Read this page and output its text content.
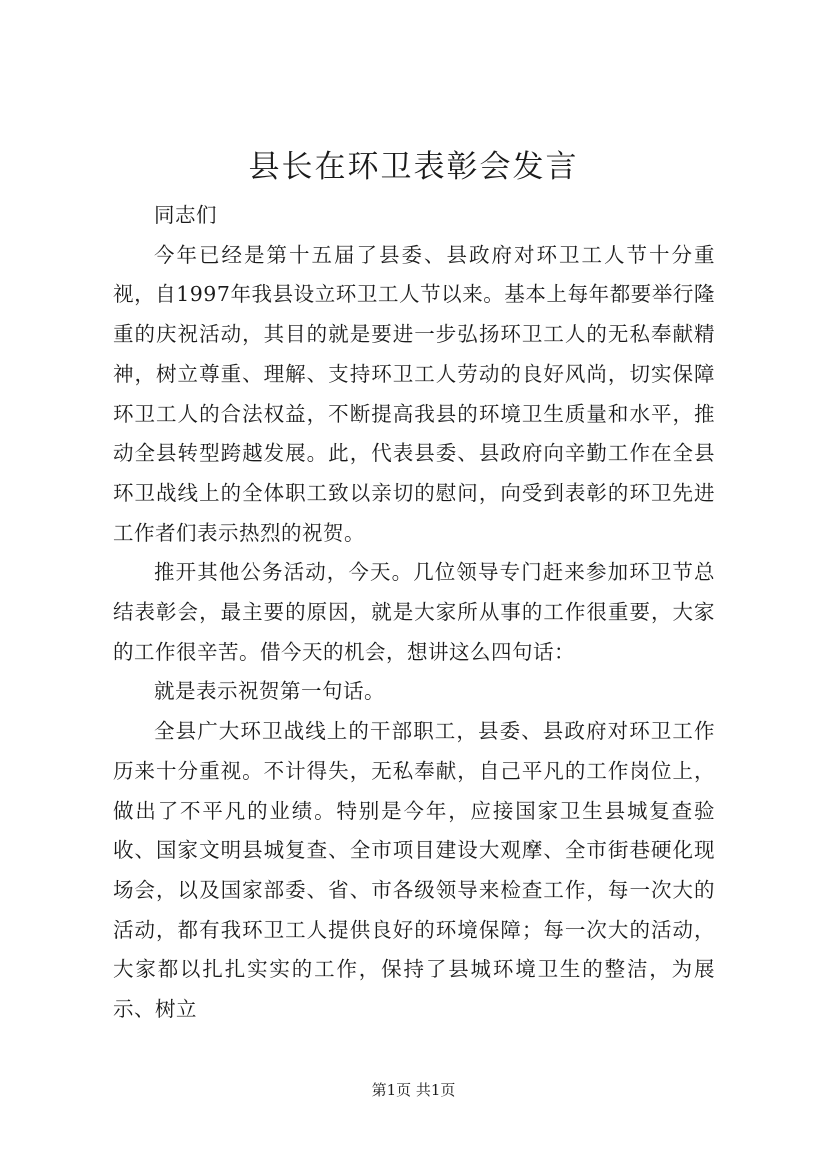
县长在环卫表彰会发言

同志们

今年已经是第十五届了县委、县政府对环卫工人节十分重视，自1997年我县设立环卫工人节以来。基本上每年都要举行隆重的庆祝活动，其目的就是要进一步弘扬环卫工人的无私奉献精神，树立尊重、理解、支持环卫工人劳动的良好风尚，切实保障环卫工人的合法权益，不断提高我县的环境卫生质量和水平，推动全县转型跨越发展。此，代表县委、县政府向辛勤工作在全县环卫战线上的全体职工致以亲切的慰问，向受到表彰的环卫先进工作者们表示热烈的祝贺。

推开其他公务活动，今天。几位领导专门赶来参加环卫节总结表彰会，最主要的原因，就是大家所从事的工作很重要，大家的工作很辛苦。借今天的机会，想讲这么四句话：

就是表示祝贺第一句话。

全县广大环卫战线上的干部职工，县委、县政府对环卫工作历来十分重视。不计得失，无私奉献，自己平凡的工作岗位上，做出了不平凡的业绩。特别是今年，应接国家卫生县城复查验收、国家文明县城复查、全市项目建设大观摩、全市街巷硬化现场会，以及国家部委、省、市各级领导来检查工作，每一次大的活动，都有我环卫工人提供良好的环境保障；每一次大的活动，大家都以扎扎实实的工作，保持了县城环境卫生的整洁，为展示、树立

第1页 共1页
